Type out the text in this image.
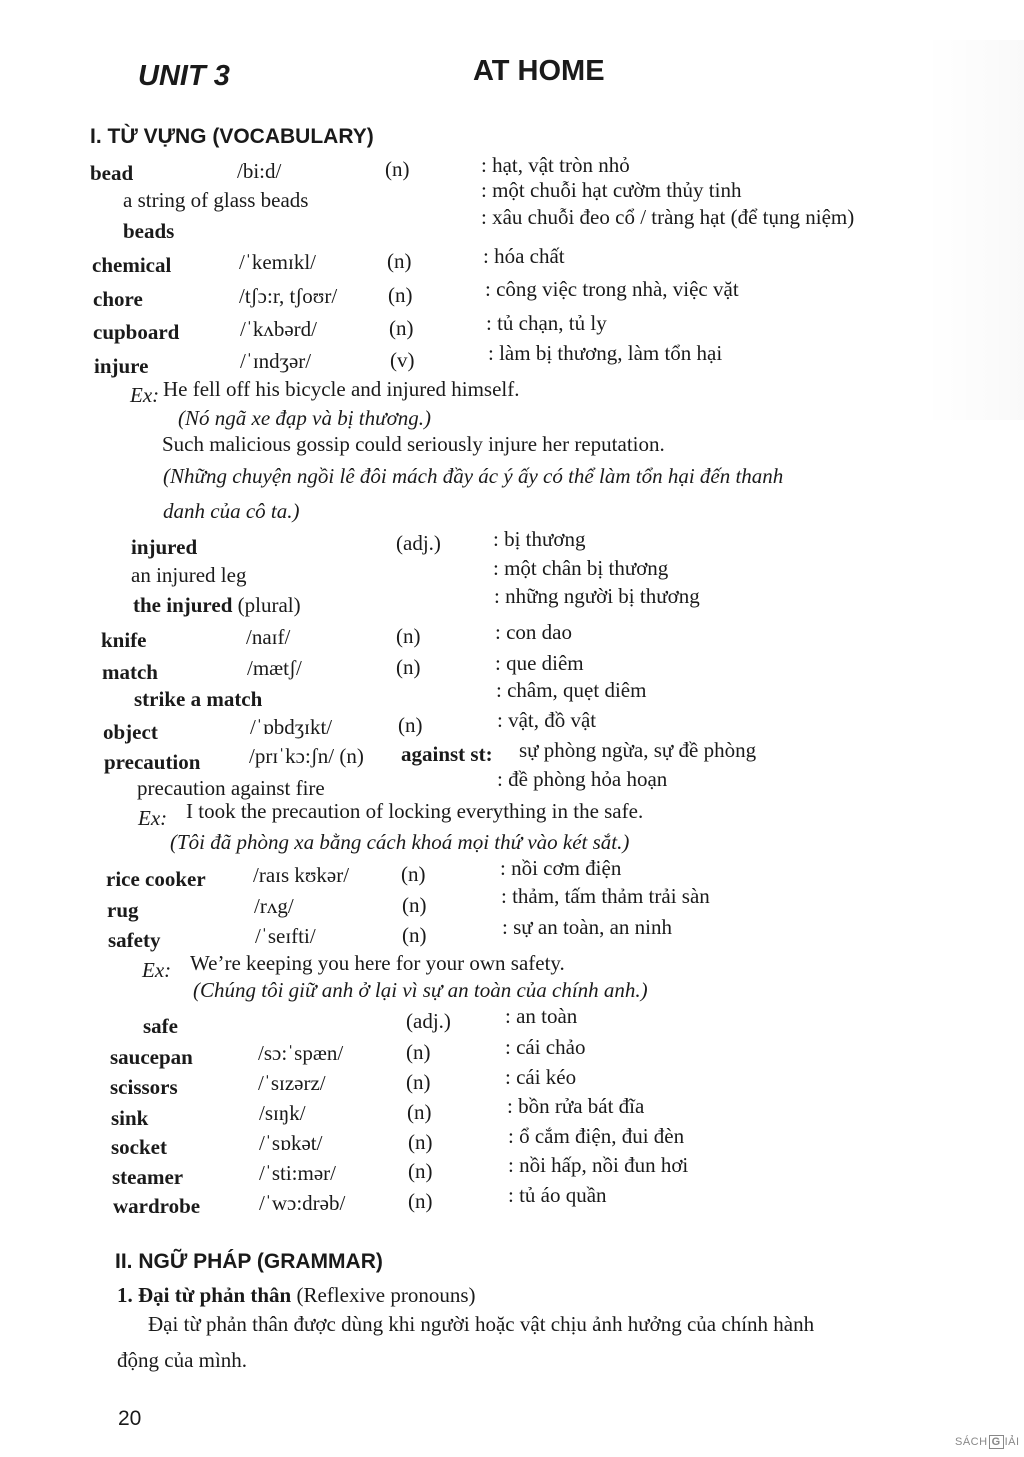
UNIT 3	AT HOME
I. TỪ VỰNG (VOCABULARY)
bead	/bi:d/	(n)	: hạt, vật tròn nhỏ
a string of glass beads	: một chuỗi hạt cườm thủy tinh
beads
: xâu chuỗi đeo cổ / tràng hạt (để tụng niệm)
chemical	/ˈkemɪkl/	(n)	: hóa chất
chore	/tʃɔ:r, tʃoʊr/ (n)	: công việc trong nhà, việc vặt
cupboard	/ˈkʌbərd/	(n)	: tủ chạn, tủ ly
injure	/ˈɪndʒər/	(v)	: làm bị thương, làm tổn hại
Ex: He fell off his bicycle and injured himself.
(Nó ngã xe đạp và bị thương.)
Such malicious gossip could seriously injure her reputation.
(Những chuyện ngồi lê đôi mách đầy ác ý ấy có thể làm tổn hại đến thanh
danh của cô ta.)
injured	(adj.) : bị thương
an injured leg	: một chân bị thương
the injured (plural)	: những người bị thương
knife	/naɪf/	(n)	: con dao
match	/mætʃ/	(n)	: que diêm
strike a match	: châm, quẹt diêm
object	/ˈɒbdʒɪkt/	(n)	: vật, đồ vật
precaution /prɪˈkɔ:ʃn/ (n) against st: sự phòng ngừa, sự đề phòng
precaution against fire	: đề phòng hỏa hoạn
Ex: I took the precaution of locking everything in the safe.
(Tôi đã phòng xa bằng cách khoá mọi thứ vào két sắt.)
rice cooker /raɪs kʊkər/ (n)	: nồi cơm điện
rug	/rʌg/	(n)	: thảm, tấm thảm trải sàn
safety	/ˈseɪfti/	(n)	: sự an toàn, an ninh
Ex: We’re keeping you here for your own safety.
(Chúng tôi giữ anh ở lại vì sự an toàn của chính anh.)
safe	(adj.)	: an toàn
saucepan	/sɔ:ˈspæn/	(n)	: cái chảo
scissors	/ˈsɪzərz/	(n)	: cái kéo
sink	/sɪŋk/	(n)	: bồn rửa bát đĩa
socket	/ˈsɒkət/	(n)	: ổ cắm điện, đui đèn
steamer	/ˈsti:mər/	(n)	: nồi hấp, nồi đun hơi
wardrobe	/ˈwɔ:drəb/	(n)	: tủ áo quần
II. NGỮ PHÁP (GRAMMAR)
1. Đại từ phản thân (Reflexive pronouns)
Đại từ phản thân được dùng khi người hoặc vật chịu ảnh hưởng của chính hành
động của mình.
20
SÁCH G IẢI
